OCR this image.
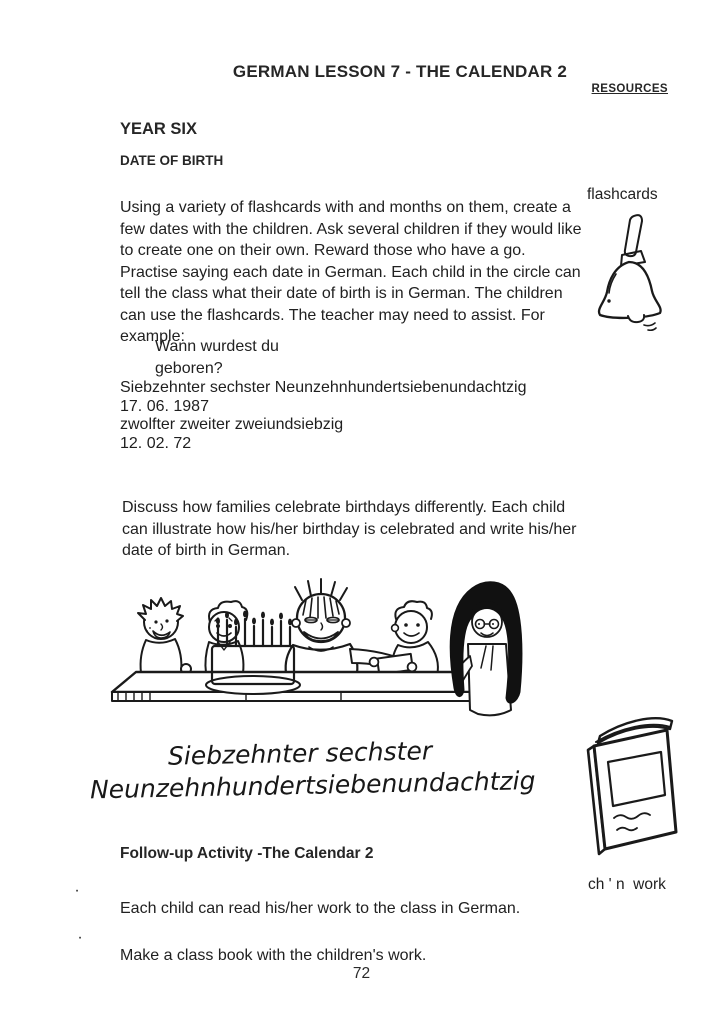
GERMAN LESSON 7 - THE CALENDAR 2
RESOURCES
YEAR SIX
DATE OF BIRTH

Using a variety of flashcards with and months on them, create a few dates with the children. Ask several children if they would like to create one on their own. Reward those who have a go. Practise saying each date in German. Each child in the circle can tell the class what their date of birth is in German. The children can use the flashcards. The teacher may need to assist. For example:

flashcards
Wann wurdest du
geboren?
Siebzehnter sechster Neunzehnhundertsiebenundachtzig
17. 06. 1987
zwolfter zweiter zweiundsiebzig
12. 02. 72

Discuss how families celebrate birthdays differently. Each child can illustrate how his/her birthday is celebrated and write his/her date of birth in German.

Siebzehnter sechster
Neunzehnhundertsiebenundachtzig
ch ' n  work
Follow-up Activity -The Calendar 2
·

Each child can read his/her work to the class in German.

·

Make a class book with the children's work.

72
